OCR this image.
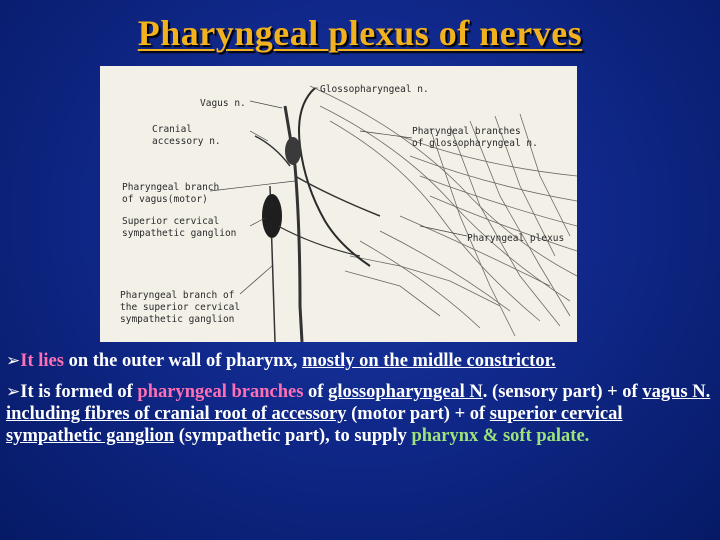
Pharyngeal plexus of nerves
Glossopharyngeal n.
Vagus n.
Cranial
accessory n.
Pharyngeal branches
of glossopharyngeal n.
Pharyngeal branch
of vagus(motor)
Superior cervical
sympathetic ganglion	Pharyngeal plexus
Pharyngeal branch of
the superior cervical
sympathetic ganglion

➢It lies on the outer wall of pharynx, mostly on the midlle constrictor.

➢It is formed of pharyngeal branches of glossopharyngeal N. (sensory part) + of vagus N. including fibres of cranial root of accessory (motor part) + of superior cervical sympathetic ganglion (sympathetic part), to supply pharynx & soft palate.
